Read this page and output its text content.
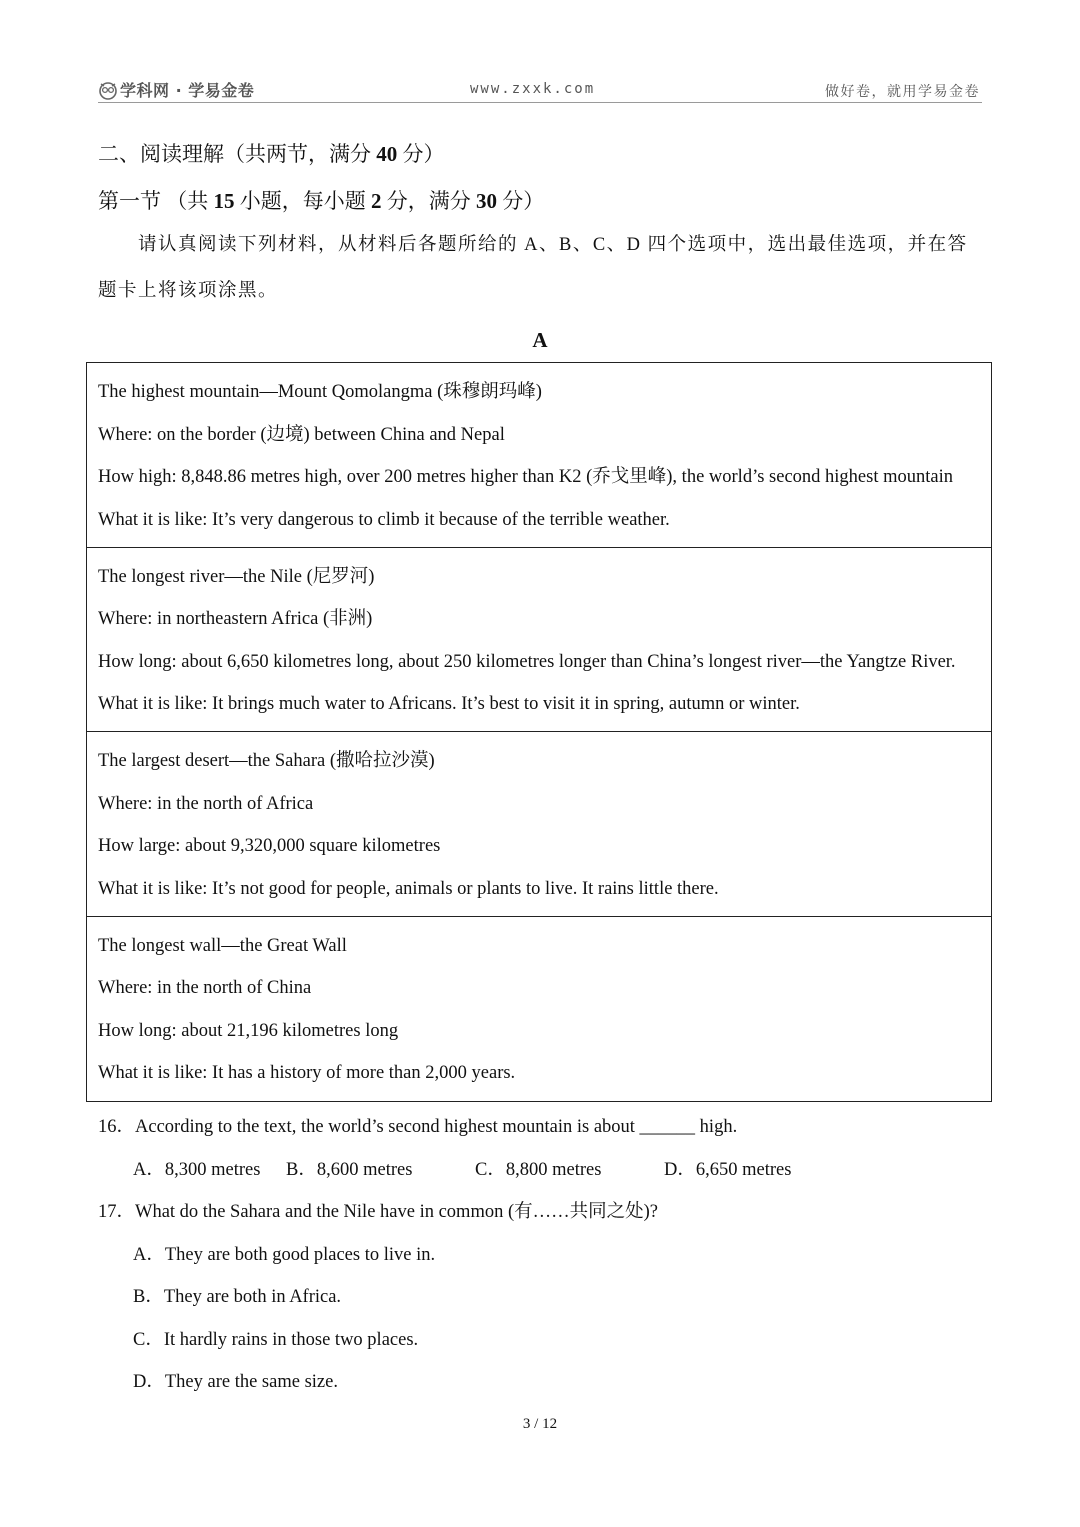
学科网 · 学易金卷	www.zxxk.com	做好卷，就用学易金卷
二、阅读理解（共两节，满分 40 分）
第一节 （共 15 小题，每小题 2 分，满分 30 分）
请认真阅读下列材料，从材料后各题所给的 A、B、C、D 四个选项中，选出最佳选项，并在答
题卡上将该项涂黑。
A
The highest mountain—Mount Qomolangma (珠穆朗玛峰)
Where: on the border (边境) between China and Nepal
How high: 8,848.86 metres high, over 200 metres higher than K2 (乔戈里峰), the world’s second highest mountain
What it is like: It’s very dangerous to climb it because of the terrible weather.
The longest river—the Nile (尼罗河)
Where: in northeastern Africa (非洲)
How long: about 6,650 kilometres long, about 250 kilometres longer than China’s longest river—the Yangtze River.
What it is like: It brings much water to Africans. It’s best to visit it in spring, autumn or winter.
The largest desert—the Sahara (撒哈拉沙漠)
Where: in the north of Africa
How large: about 9,320,000 square kilometres
What it is like: It’s not good for people, animals or plants to live. It rains little there.
The longest wall—the Great Wall
Where: in the north of China
How long: about 21,196 kilometres long
What it is like: It has a history of more than 2,000 years.
16．According to the text, the world’s second highest mountain is about ______ high.
A．8,300 metres B．8,600 metres	C．8,800 metres	D．6,650 metres
17．What do the Sahara and the Nile have in common (有……共同之处)?
A．They are both good places to live in.
B．They are both in Africa.
C．It hardly rains in those two places.
D．They are the same size.
3 / 12
